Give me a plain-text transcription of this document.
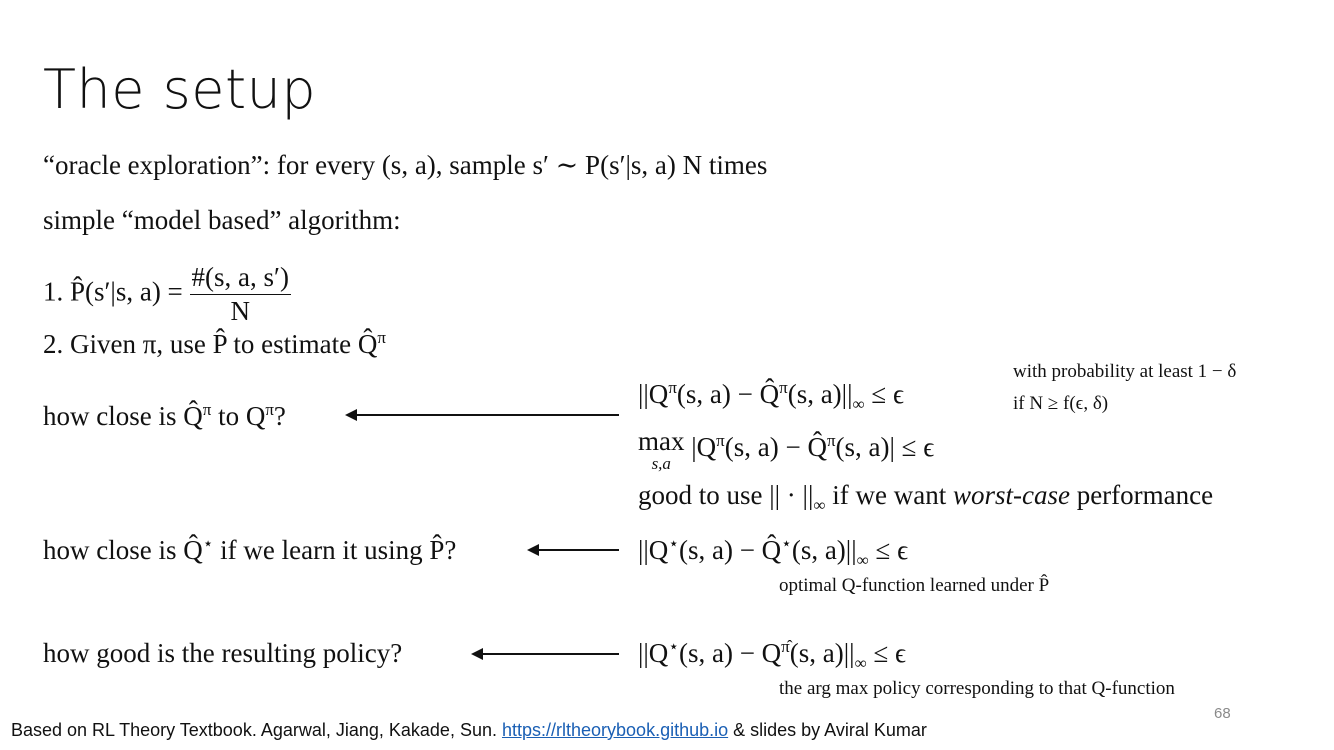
The setup
“oracle exploration”: for every (s, a), sample s′ ∼ P(s′|s, a) N times
simple “model based” algorithm:
1. P̂(s′|s, $a) = \frac{\#(s, a, s')}{N}$
2. Given π, use P̂ to estimate Q̂$^\pi$
how close is Q̂$^\pi$ to $Q^\pi$?
$||Q^\pi(s$, a) − Q̂$^\pi$(s, $a)||_\infty \le \epsilon$
with probability at least 1 − δ
if N ≥ f(ϵ, δ)
max
s,a
$|Q^\pi(s$, a) − Q̂$^\pi$(s, a)| ≤ ϵ
good to use || · $||_\infty$ if we want worst-case performance
how close is Q̂⋆ if we learn it using P̂?	||Q⋆(s, a) − Q̂⋆(s, $a)||_\infty \le \epsilon$
optimal Q-function learned under P̂
how good is the resulting policy?	||Q⋆(s, $a) - Q^{\pî}(s$, $a)||_\infty \le \epsilon$
the arg max policy corresponding to that Q-function
68
Based on RL Theory Textbook. Agarwal, Jiang, Kakade, Sun. https://rltheorybook.github.io & slides by Aviral Kumar
